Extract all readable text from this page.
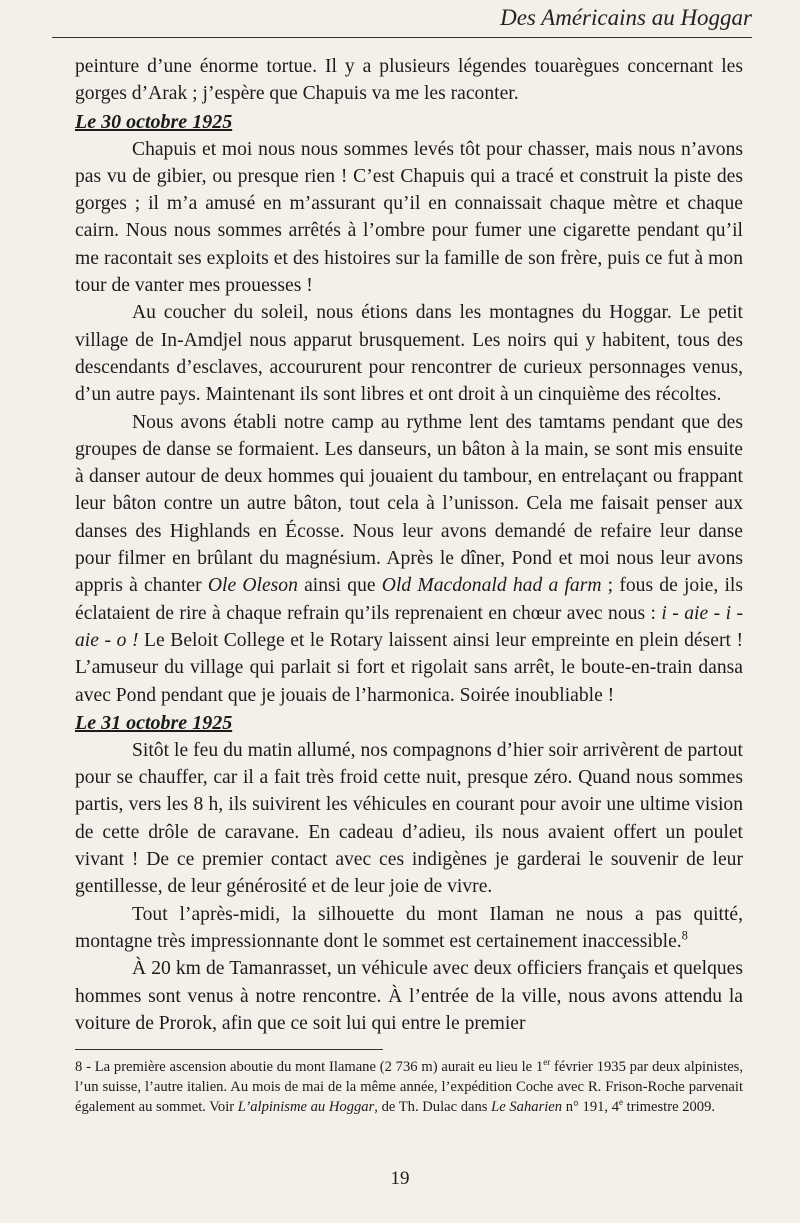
Des Américains au Hoggar

peinture d’une énorme tortue. Il y a plusieurs légendes touarègues concernant les gorges d’Arak ; j’espère que Chapuis va me les raconter.

Le 30 octobre 1925

Chapuis et moi nous nous sommes levés tôt pour chasser, mais nous n’avons pas vu de gibier, ou presque rien ! C’est Chapuis qui a tracé et construit la piste des gorges ; il m’a amusé en m’assurant qu’il en connaissait chaque mètre et chaque cairn. Nous nous sommes arrêtés à l’ombre pour fumer une cigarette pendant qu’il me racontait ses exploits et des histoires sur la famille de son frère, puis ce fut à mon tour de vanter mes prouesses !

Au coucher du soleil, nous étions dans les montagnes du Hoggar. Le petit village de In-Amdjel nous apparut brusquement. Les noirs qui y habitent, tous des descendants d’esclaves, accoururent pour rencontrer de curieux personnages venus, d’un autre pays. Maintenant ils sont libres et ont droit à un cinquième des récoltes.

Nous avons établi notre camp au rythme lent des tamtams pendant que des groupes de danse se formaient. Les danseurs, un bâton à la main, se sont mis ensuite à danser autour de deux hommes qui jouaient du tambour, en entrelaçant ou frappant leur bâton contre un autre bâton, tout cela à l’unisson. Cela me faisait penser aux danses des Highlands en Écosse. Nous leur avons demandé de refaire leur danse pour filmer en brûlant du magnésium. Après le dîner, Pond et moi nous leur avons appris à chanter Ole Oleson ainsi que Old Macdonald had a farm ; fous de joie, ils éclataient de rire à chaque refrain qu’ils reprenaient en chœur avec nous : i - aie - i - aie - o ! Le Beloit College et le Rotary laissent ainsi leur empreinte en plein désert ! L’amuseur du village qui parlait si fort et rigolait sans arrêt, le boute-en-train dansa avec Pond pendant que je jouais de l’harmonica. Soirée inoubliable !

Le 31 octobre 1925

Sitôt le feu du matin allumé, nos compagnons d’hier soir arrivèrent de partout pour se chauffer, car il a fait très froid cette nuit, presque zéro. Quand nous sommes partis, vers les 8 h, ils suivirent les véhicules en courant pour avoir une ultime vision de cette drôle de caravane. En cadeau d’adieu, ils nous avaient offert un poulet vivant ! De ce premier contact avec ces indigènes je garderai le souvenir de leur gentillesse, de leur générosité et de leur joie de vivre.

Tout l’après-midi, la silhouette du mont Ilaman ne nous a pas quitté, montagne très impressionnante dont le sommet est certainement inaccessible.$^8$

À 20 km de Tamanrasset, un véhicule avec deux officiers français et quelques hommes sont venus à notre rencontre. À l’entrée de la ville, nous avons attendu la voiture de Prorok, afin que ce soit lui qui entre le premier

8 - La première ascension aboutie du mont Ilamane (2 736 m) aurait eu lieu le 1er février 1935 par deux alpinistes, l’un suisse, l’autre italien. Au mois de mai de la même année, l’expédition Coche avec R. Frison-Roche parvenait également au sommet. Voir L’alpinisme au Hoggar, de Th. Dulac dans Le Saharien n° 191, 4e trimestre 2009.

19
